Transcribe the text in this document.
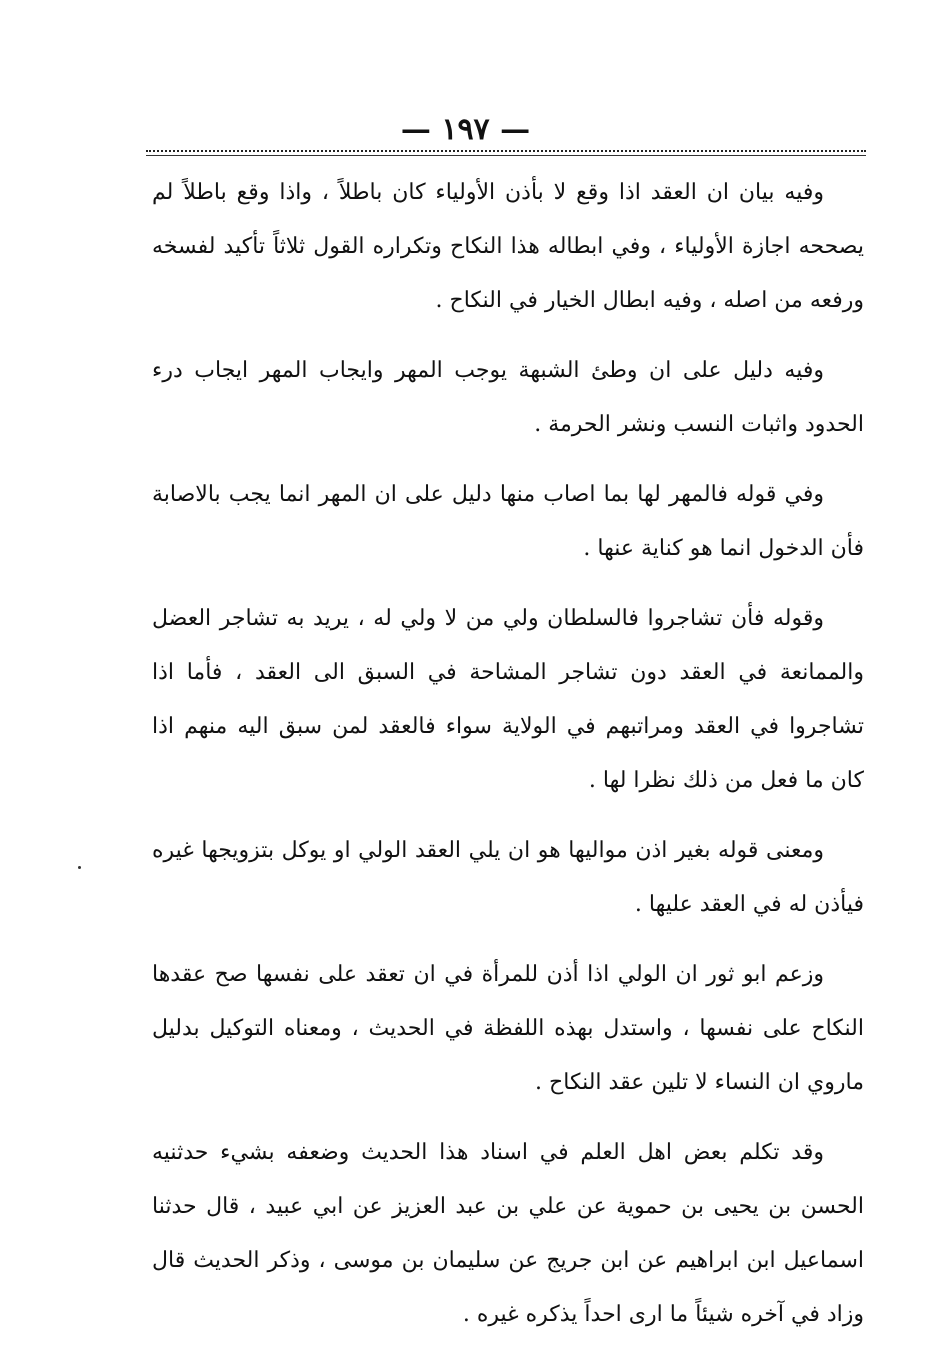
— ۱۹۷ —

وفيه بيان ان العقد اذا وقع لا بأذن الأولياء كان باطلاً ، واذا وقع باطلاً لم يصححه اجازة الأولياء ، وفي ابطاله هذا النكاح وتكراره القول ثلاثاً تأكيد لفسخه ورفعه من اصله ، وفيه ابطال الخيار في النكاح .

وفيه دليل على ان وطئ الشبهة يوجب المهر وايجاب المهر ايجاب درء الحدود واثبات النسب ونشر الحرمة .

وفي قوله فالمهر لها بما اصاب منها دليل على ان المهر انما يجب بالاصابة فأن الدخول انما هو كناية عنها .

وقوله فأن تشاجروا فالسلطان ولي من لا ولي له ، يريد به تشاجر العضل والممانعة في العقد دون تشاجر المشاحة في السبق الى العقد ، فأما اذا تشاجروا في العقد ومراتبهم في الولاية سواء فالعقد لمن سبق اليه منهم اذا كان ما فعل من ذلك نظرا لها .

ومعنى قوله بغير اذن مواليها هو ان يلي العقد الولي او يوكل بتزويجها غيره فيأذن له في العقد عليها .

وزعم ابو ثور ان الولي اذا أذن للمرأة في ان تعقد على نفسها صح عقدها النكاح على نفسها ، واستدل بهذه اللفظة في الحديث ، ومعناه التوكيل بدليل ماروي ان النساء لا تلين عقد النكاح .

وقد تكلم بعض اهل العلم في اسناد هذا الحديث وضعفه بشيء حدثنيه الحسن بن يحيى بن حموية عن علي بن عبد العزيز عن ابي عبيد ، قال حدثنا اسماعيل ابن ابراهيم عن ابن جريج عن سليمان بن موسى ، وذكر الحديث قال وزاد في آخره شيئاً ما ارى احداً يذكره غيره .
